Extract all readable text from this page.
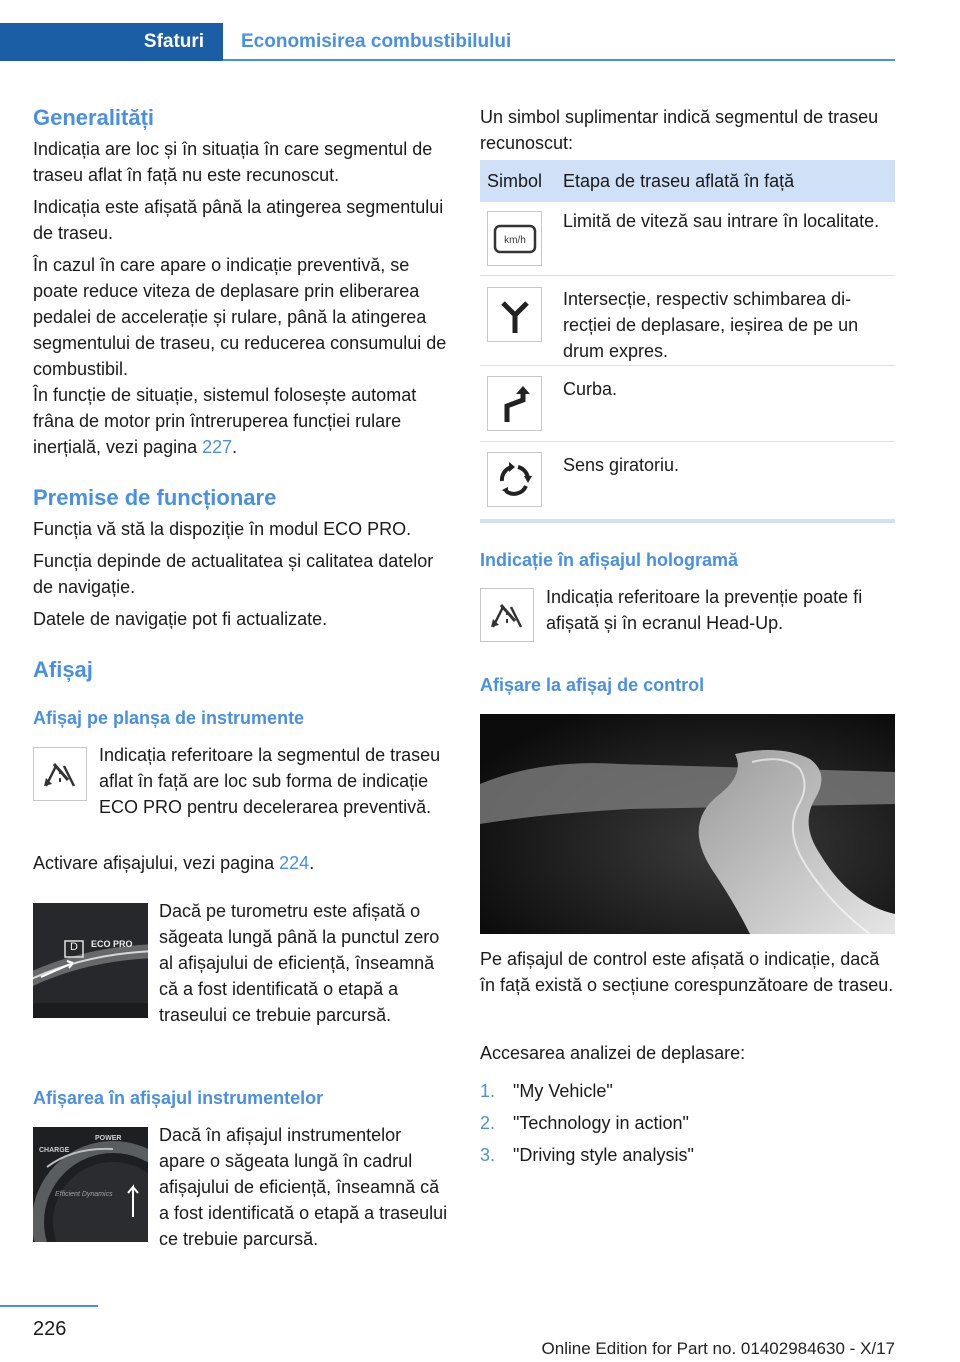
Sfaturi	Economisirea combustibilului
Generalități
Indicația are loc și în situația în care segmentul de traseu aflat în față nu este recunoscut.
Indicația este afișată până la atingerea segmentului de traseu.
În cazul în care apare o indicație preventivă, se poate reduce viteza de deplasare prin eliberarea pedalei de accelerație și rulare, până la atingerea segmentului de traseu, cu reducerea consumului de combustibil.
În funcție de situație, sistemul folosește automat frâna de motor prin întreruperea funcției rulare inerțială, vezi pagina 227.
Premise de funcționare
Funcția vă stă la dispoziție în modul ECO PRO.
Funcția depinde de actualitatea și calitatea datelor de navigație.
Datele de navigație pot fi actualizate.
Afișaj
Afișaj pe planșa de instrumente
Indicația referitoare la segmentul de traseu aflat în față are loc sub forma de indicație ECO PRO pentru decelerarea preventivă.
Activare afișajului, vezi pagina 224.
D ECO PRO
Dacă pe turometru este afișată o săgeata lungă până la punctul zero al afișajului de eficiență, înseamnă că a fost identificată o etapă a traseului ce trebuie parcursă.
Afișarea în afișajul instrumentelor
CHARGE
POWER
Efficient Dynamics
Dacă în afișajul instrumentelor apare o săgeata lungă în cadrul afișajului de eficiență, înseamnă că a fost identificată o etapă a traseului ce trebuie parcursă.
Un simbol suplimentar indică segmentul de traseu recunoscut:
Simbol	Etapa de traseu aflată în față
km/h
Limită de viteză sau intrare în localitate.
Intersecție, respectiv schimbarea direcției de deplasare, ieșirea de pe un drum expres.
Curba.
Sens giratoriu.
Indicație în afișajul hologramă
Indicația referitoare la prevenție poate fi afișată și în ecranul Head-Up.
Afișare la afișaj de control
Pe afișajul de control este afișată o indicație, dacă în față există o secțiune corespunzătoare de traseu.
Accesarea analizei de deplasare:
1. "My Vehicle"
2. "Technology in action"
3. "Driving style analysis"
226
Online Edition for Part no. 01402984630 - X/17
